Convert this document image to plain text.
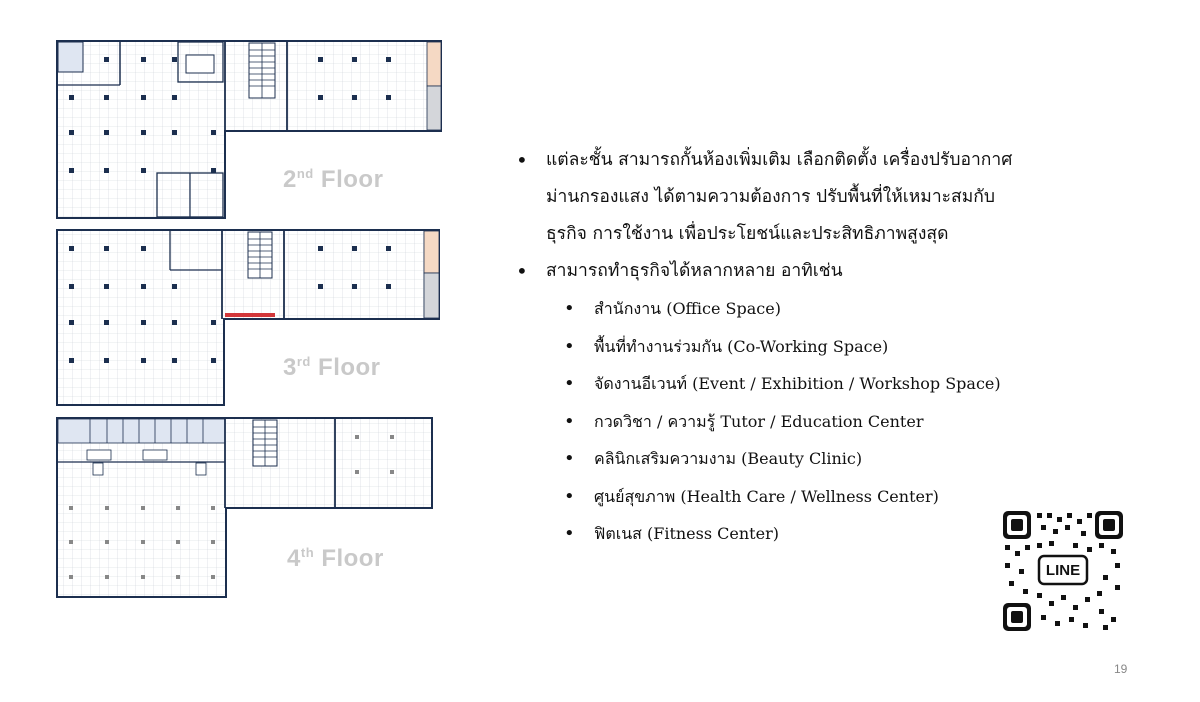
2nd Floor
3rd Floor
4th Floor
• แต่ละชั้น สามารถกั้นห้องเพิ่มเติม เลือกติดตั้ง เครื่องปรับอากาศ
ม่านกรองแสง ได้ตามความต้องการ ปรับพื้นที่ให้เหมาะสมกับ
ธุรกิจ การใช้งาน เพื่อประโยชน์และประสิทธิภาพสูงสุด
• สามารถทำธุรกิจได้หลากหลาย อาทิเช่น
• สำนักงาน (Office Space)
• พื้นที่ทำงานร่วมกัน (Co-Working Space)
• จัดงานอีเวนท์ (Event / Exhibition / Workshop Space)
• กวดวิชา / ความรู้ Tutor / Education Center
• คลินิกเสริมความงาม (Beauty Clinic)
• ศูนย์สุขภาพ (Health Care / Wellness Center)
• ฟิตเนส (Fitness Center)
LINE
19
